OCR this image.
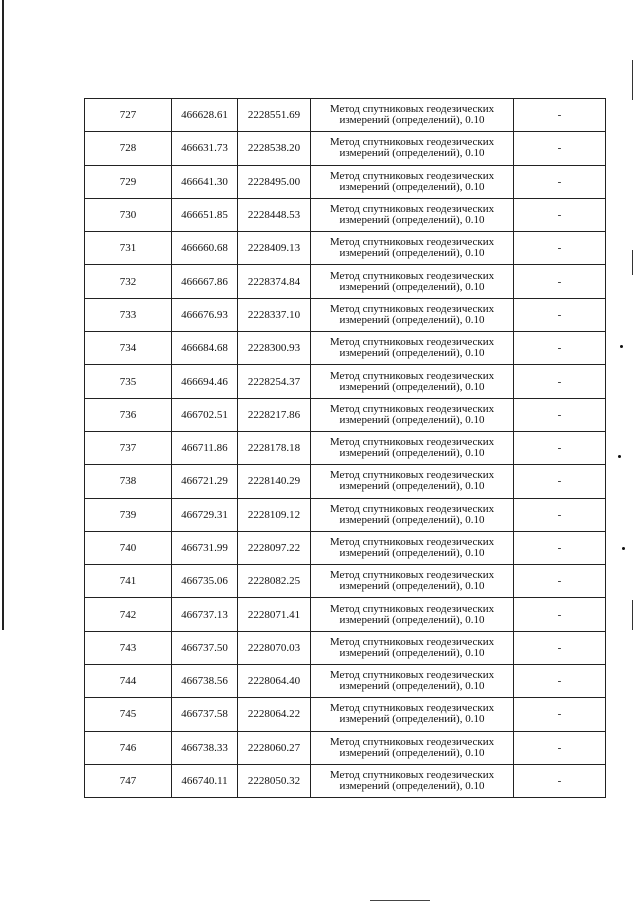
727	466628.61	2228551.69	Метод спутниковых геодезических
измерений (определений), 0.10	-
728	466631.73	2228538.20	Метод спутниковых геодезических
измерений (определений), 0.10	-
729	466641.30	2228495.00	Метод спутниковых геодезических
измерений (определений), 0.10	-
730	466651.85	2228448.53	Метод спутниковых геодезических
измерений (определений), 0.10	-
731	466660.68	2228409.13	Метод спутниковых геодезических
измерений (определений), 0.10	-
732	466667.86	2228374.84	Метод спутниковых геодезических
измерений (определений), 0.10	-
733	466676.93	2228337.10	Метод спутниковых геодезических
измерений (определений), 0.10	-
734	466684.68	2228300.93	Метод спутниковых геодезических
измерений (определений), 0.10	-
735	466694.46	2228254.37	Метод спутниковых геодезических
измерений (определений), 0.10	-
736	466702.51	2228217.86	Метод спутниковых геодезических
измерений (определений), 0.10	-
737	466711.86	2228178.18	Метод спутниковых геодезических
измерений (определений), 0.10	-
738	466721.29	2228140.29	Метод спутниковых геодезических
измерений (определений), 0.10	-
739	466729.31	2228109.12	Метод спутниковых геодезических
измерений (определений), 0.10	-
740	466731.99	2228097.22	Метод спутниковых геодезических
измерений (определений), 0.10	-
741	466735.06	2228082.25	Метод спутниковых геодезических
измерений (определений), 0.10	-
742	466737.13	2228071.41	Метод спутниковых геодезических
измерений (определений), 0.10	-
743	466737.50	2228070.03	Метод спутниковых геодезических
измерений (определений), 0.10	-
744	466738.56	2228064.40	Метод спутниковых геодезических
измерений (определений), 0.10	-
745	466737.58	2228064.22	Метод спутниковых геодезических
измерений (определений), 0.10	-
746	466738.33	2228060.27	Метод спутниковых геодезических
измерений (определений), 0.10	-
747	466740.11	2228050.32	Метод спутниковых геодезических
измерений (определений), 0.10	-
